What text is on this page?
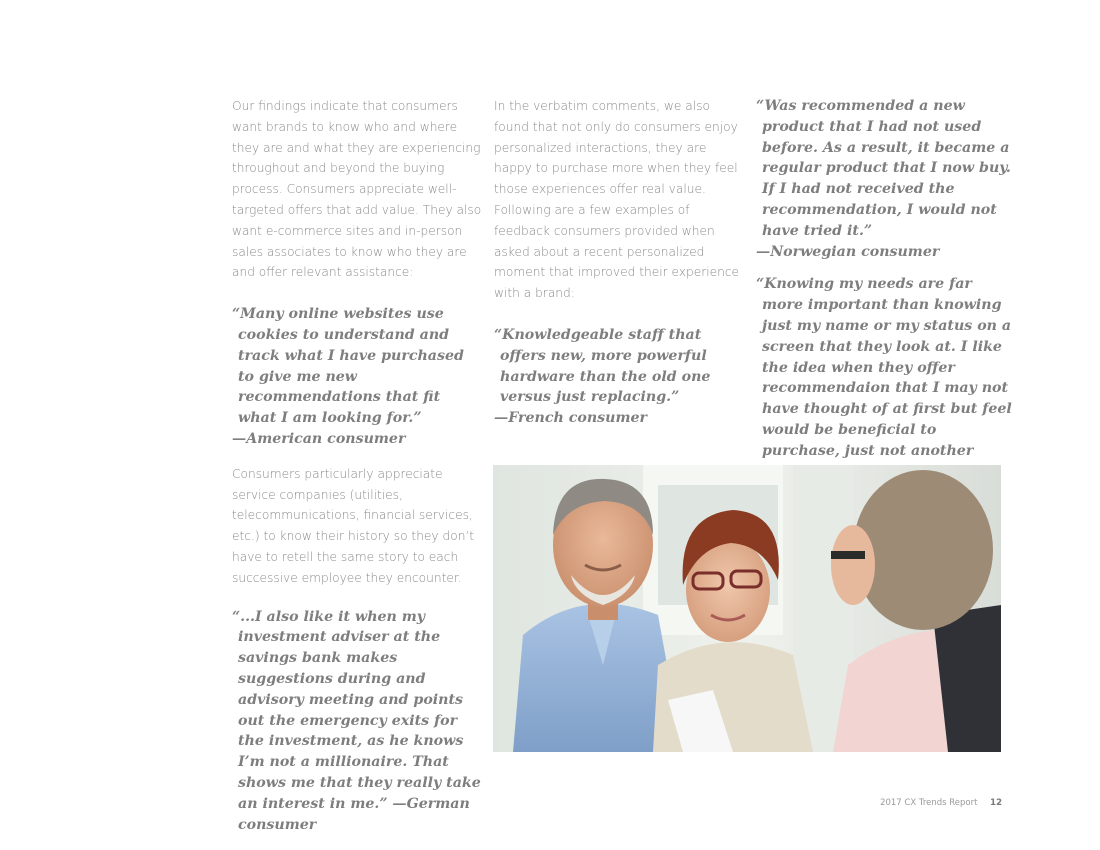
Our findings indicate that consumers want brands to know who and where they are and what they are experiencing throughout and beyond the buying process. Consumers appreciate well-targeted offers that add value. They also want e-commerce sites and in-person sales associates to know who they are and offer relevant assistance:

“Many online websites use cookies to understand and track what I have purchased to give me new recommendations that fit what I am looking for.”
—American consumer

Consumers particularly appreciate service companies (utilities, telecommunications, financial services, etc.) to know their history so they don’t have to retell the same story to each successive employee they encounter.

“...I also like it when my investment adviser at the savings bank makes suggestions during and advisory meeting and points out the emergency exits for the investment, as he knows I’m not a millionaire. That shows me that they really take an interest in me.” —German consumer

In the verbatim comments, we also found that not only do consumers enjoy personalized interactions, they are happy to purchase more when they feel those experiences offer real value. Following are a few examples of feedback consumers provided when asked about a recent personalized moment that improved their experience with a brand:

“Knowledgeable staff that offers new, more powerful hardware than the old one versus just replacing.”
—French consumer

“Was recommended a new product that I had not used before. As a result, it became a regular product that I now buy. If I had not received the recommendation, I would not have tried it.”
—Norwegian consumer

“Knowing my needs are far more important than knowing just my name or my status on a screen that they look at. I like the idea when they offer recommendaion that I may not have thought of at first but feel would be beneficial to purchase, just not another

2017 CX Trends Report 12
